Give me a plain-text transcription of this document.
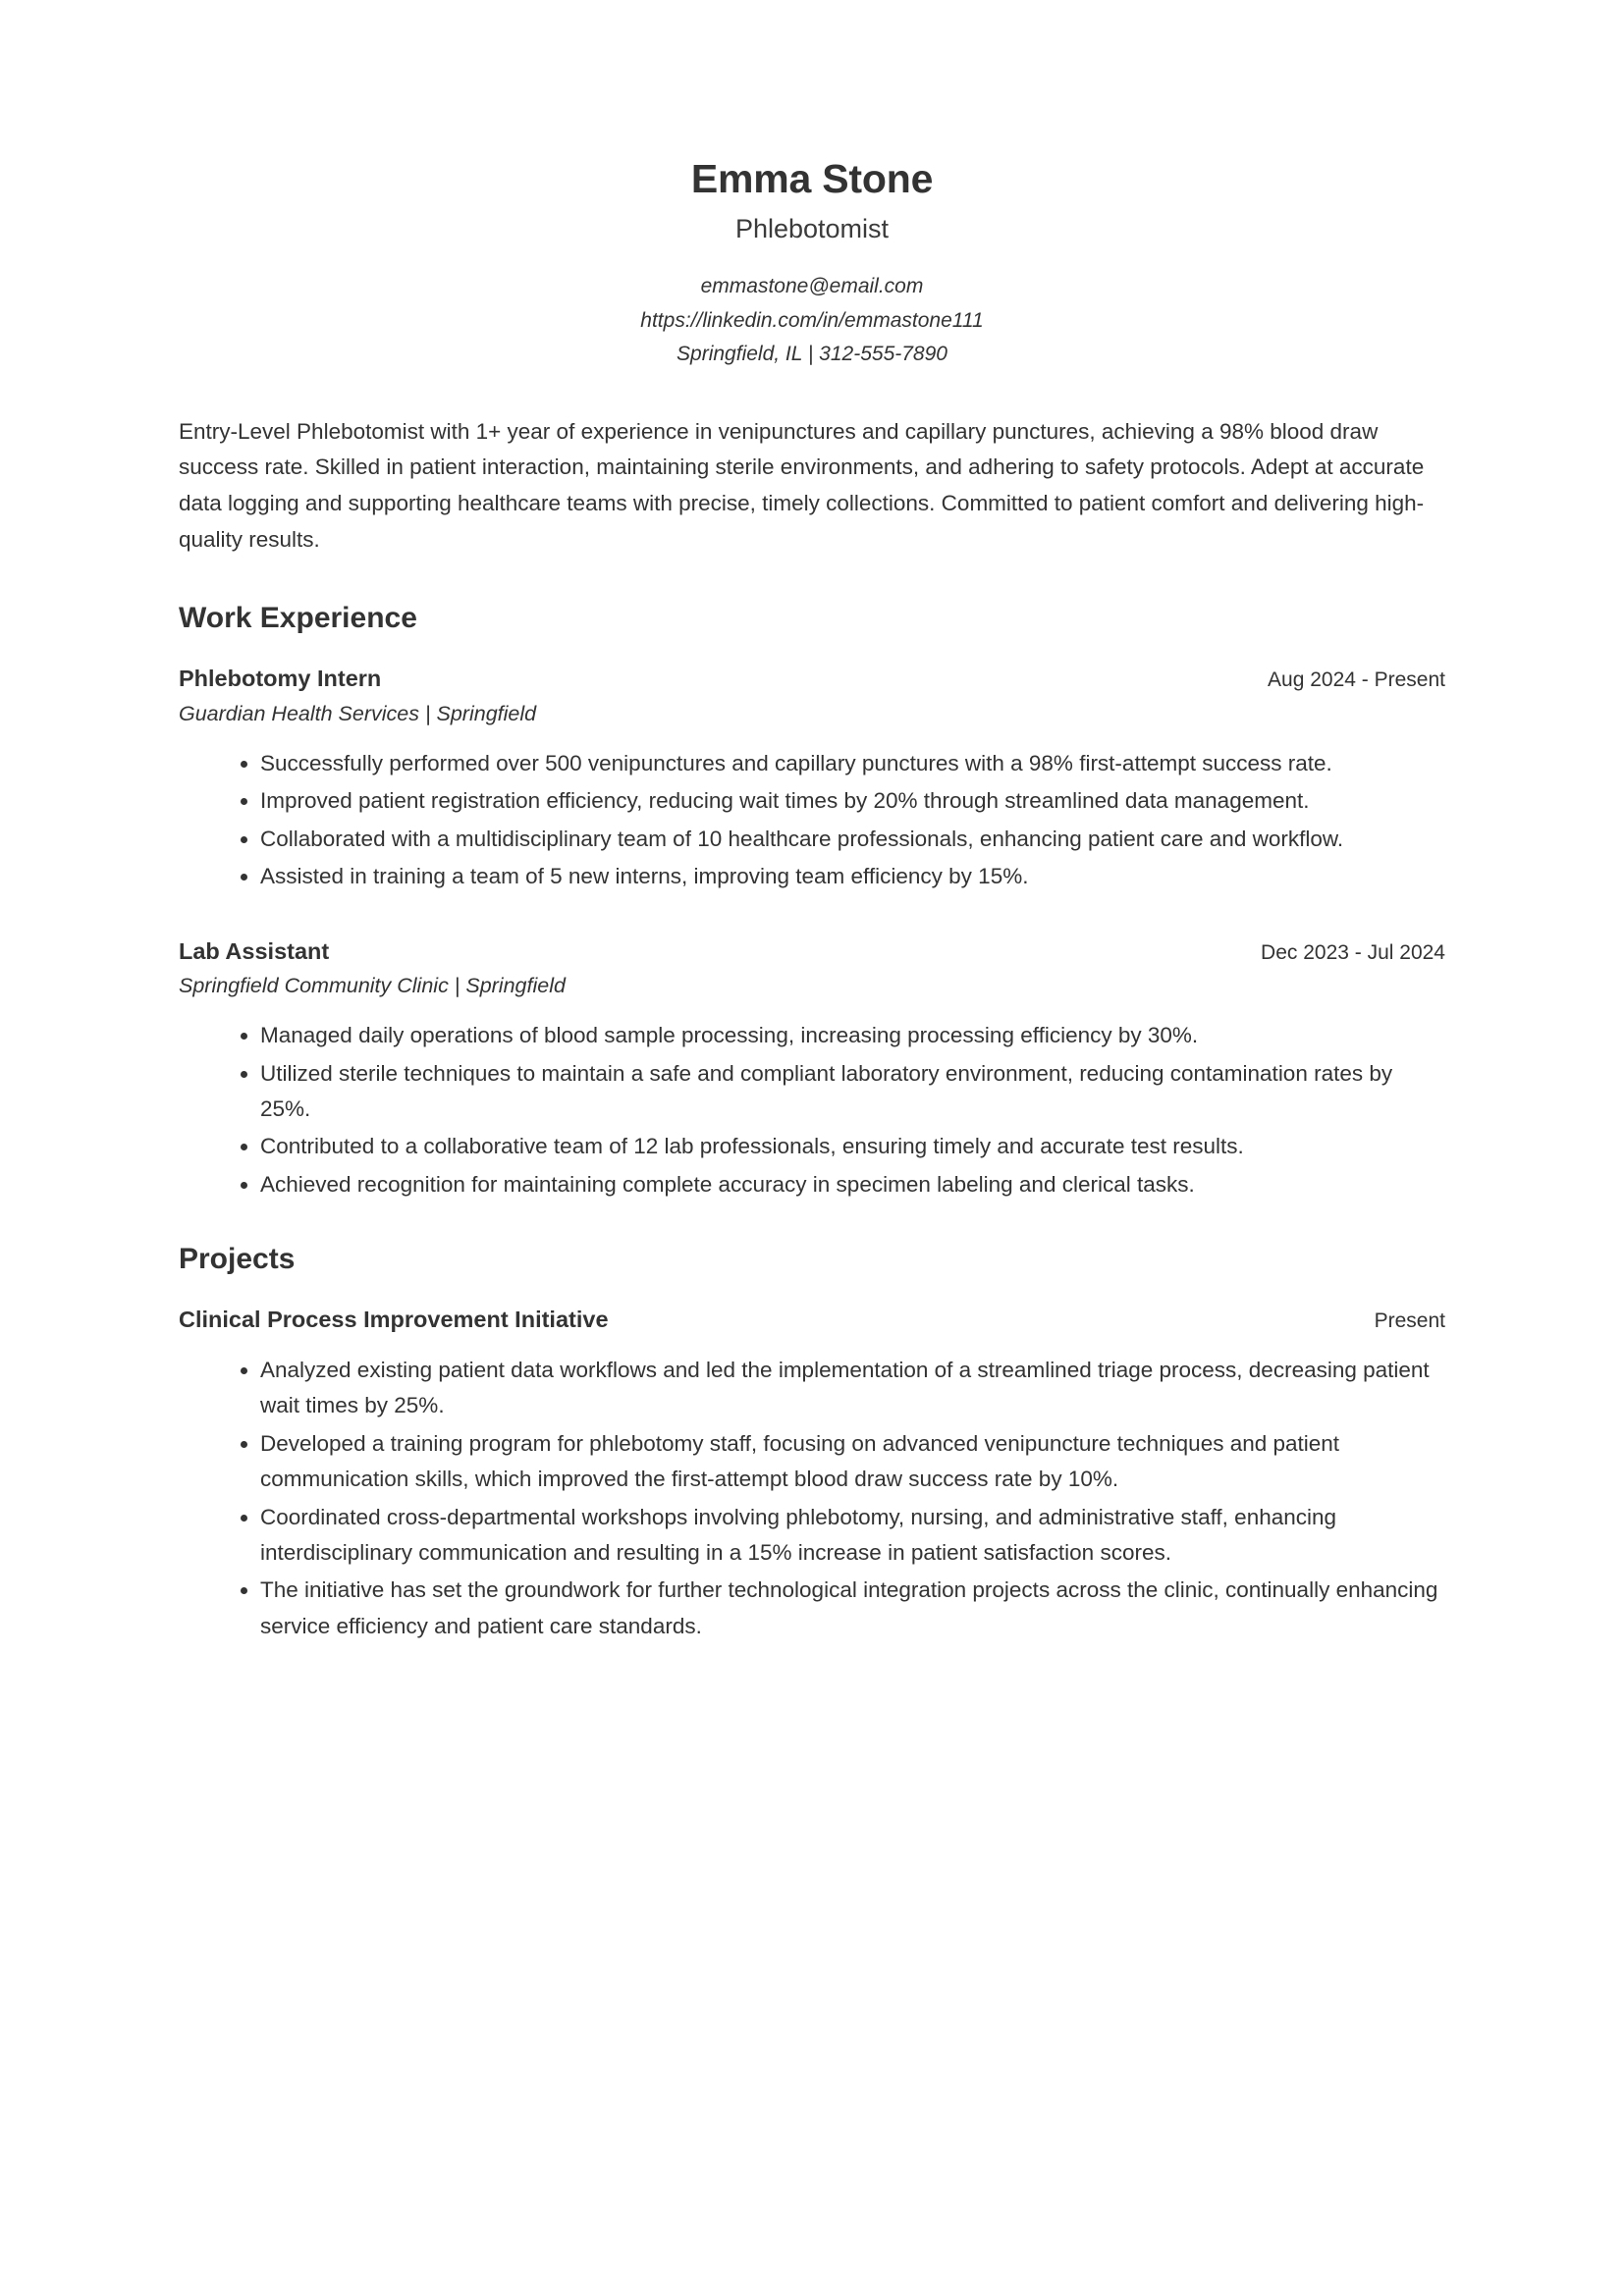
Emma Stone
Phlebotomist
emmastone@email.com
https://linkedin.com/in/emmastone111
Springfield, IL | 312-555-7890
Entry-Level Phlebotomist with 1+ year of experience in venipunctures and capillary punctures, achieving a 98% blood draw success rate. Skilled in patient interaction, maintaining sterile environments, and adhering to safety protocols. Adept at accurate data logging and supporting healthcare teams with precise, timely collections. Committed to patient comfort and delivering high-quality results.
Work Experience
Phlebotomy Intern	Aug 2024 - Present
Guardian Health Services | Springfield
Successfully performed over 500 venipunctures and capillary punctures with a 98% first-attempt success rate.
Improved patient registration efficiency, reducing wait times by 20% through streamlined data management.
Collaborated with a multidisciplinary team of 10 healthcare professionals, enhancing patient care and workflow.
Assisted in training a team of 5 new interns, improving team efficiency by 15%.
Lab Assistant	Dec 2023 - Jul 2024
Springfield Community Clinic | Springfield
Managed daily operations of blood sample processing, increasing processing efficiency by 30%.
Utilized sterile techniques to maintain a safe and compliant laboratory environment, reducing contamination rates by 25%.
Contributed to a collaborative team of 12 lab professionals, ensuring timely and accurate test results.
Achieved recognition for maintaining complete accuracy in specimen labeling and clerical tasks.
Projects
Clinical Process Improvement Initiative	Present
Analyzed existing patient data workflows and led the implementation of a streamlined triage process, decreasing patient wait times by 25%.
Developed a training program for phlebotomy staff, focusing on advanced venipuncture techniques and patient communication skills, which improved the first-attempt blood draw success rate by 10%.
Coordinated cross-departmental workshops involving phlebotomy, nursing, and administrative staff, enhancing interdisciplinary communication and resulting in a 15% increase in patient satisfaction scores.
The initiative has set the groundwork for further technological integration projects across the clinic, continually enhancing service efficiency and patient care standards.
